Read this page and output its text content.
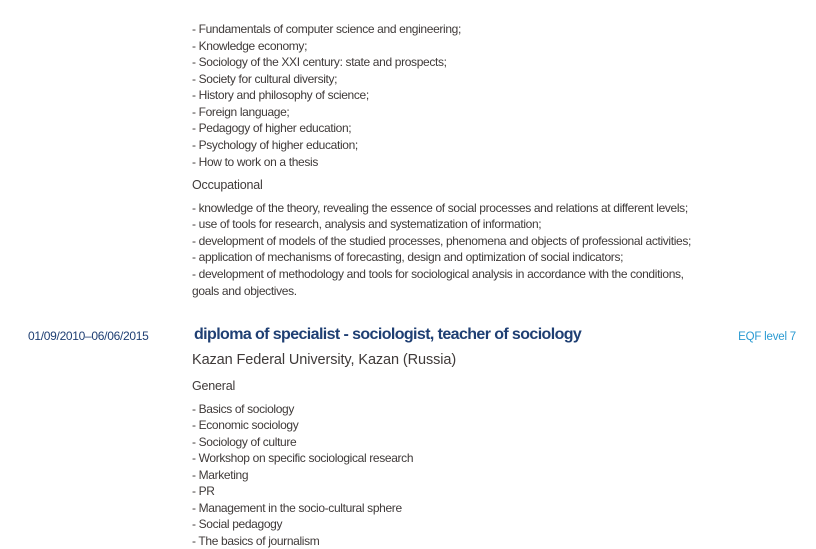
- Fundamentals of computer science and engineering;
- Knowledge economy;
- Sociology of the XXI century: state and prospects;
- Society for cultural diversity;
- History and philosophy of science;
- Foreign language;
- Pedagogy of higher education;
- Psychology of higher education;
- How to work on a thesis
Occupational
- knowledge of the theory, revealing the essence of social processes and relations at different levels;
- use of tools for research, analysis and systematization of information;
- development of models of the studied processes, phenomena and objects of professional activities;
- application of mechanisms of forecasting, design and optimization of social indicators;
- development of methodology and tools for sociological analysis in accordance with the conditions,
goals and objectives.
01/09/2010–06/06/2015	diploma of specialist - sociologist, teacher of sociology	EQF level 7
Kazan Federal University, Kazan (Russia)
General
- Basics of sociology
- Economic sociology
- Sociology of culture
- Workshop on specific sociological research
- Marketing
- PR
- Management in the socio-cultural sphere
- Social pedagogy
- The basics of journalism
